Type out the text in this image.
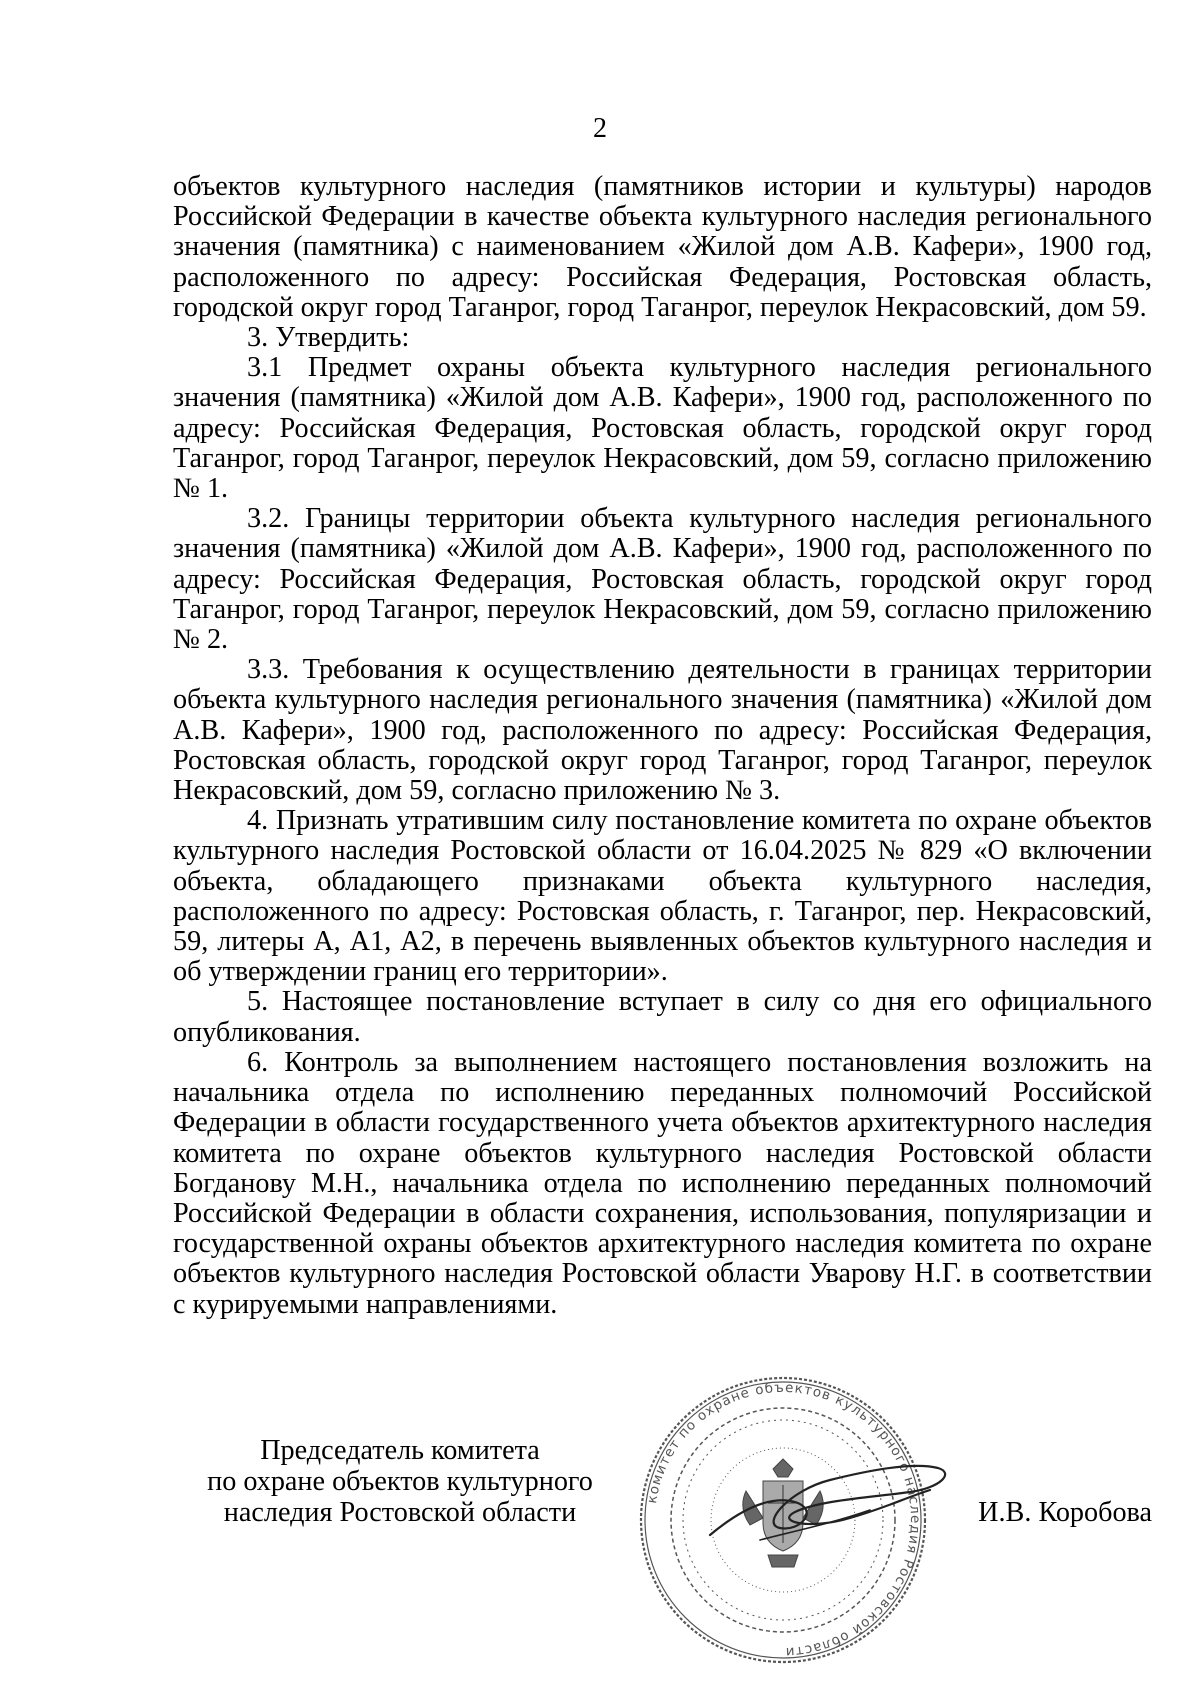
2

объектов культурного наследия (памятников истории и культуры) народов Российской Федерации в качестве объекта культурного наследия регионального значения (памятника) с наименованием «Жилой дом А.В. Кафери», 1900 год, расположенного по адресу: Российская Федерация, Ростовская область, городской округ город Таганрог, город Таганрог, переулок Некрасовский, дом 59.

3. Утвердить:

3.1 Предмет охраны объекта культурного наследия регионального значения (памятника) «Жилой дом А.В. Кафери», 1900 год, расположенного по адресу: Российская Федерация, Ростовская область, городской округ город Таганрог, город Таганрог, переулок Некрасовский, дом 59, согласно приложению № 1.

3.2. Границы территории объекта культурного наследия регионального значения (памятника) «Жилой дом А.В. Кафери», 1900 год, расположенного по адресу: Российская Федерация, Ростовская область, городской округ город Таганрог, город Таганрог, переулок Некрасовский, дом 59, согласно приложению № 2.

3.3. Требования к осуществлению деятельности в границах территории объекта культурного наследия регионального значения (памятника) «Жилой дом А.В. Кафери», 1900 год, расположенного по адресу: Российская Федерация, Ростовская область, городской округ город Таганрог, город Таганрог, переулок Некрасовский, дом 59, согласно приложению № 3.

4. Признать утратившим силу постановление комитета по охране объектов культурного наследия Ростовской области от 16.04.2025 № 829 «О включении объекта, обладающего признаками объекта культурного наследия, расположенного по адресу: Ростовская область, г. Таганрог, пер. Некрасовский, 59, литеры А, А1, А2, в перечень выявленных объектов культурного наследия и об утверждении границ его территории».

5. Настоящее постановление вступает в силу со дня его официального опубликования.

6. Контроль за выполнением настоящего постановления возложить на начальника отдела по исполнению переданных полномочий Российской Федерации в области государственного учета объектов архитектурного наследия комитета по охране объектов культурного наследия Ростовской области Богданову М.Н., начальника отдела по исполнению переданных полномочий Российской Федерации в области сохранения, использования, популяризации и государственной охраны объектов архитектурного наследия комитета по охране объектов культурного наследия Ростовской области Уварову Н.Г. в соответствии с курируемыми направлениями.

Председатель комитета
по охране объектов культурного
наследия Ростовской области	комитет по охране объектов культурного наследия Ростовской области
И.В. Коробова
